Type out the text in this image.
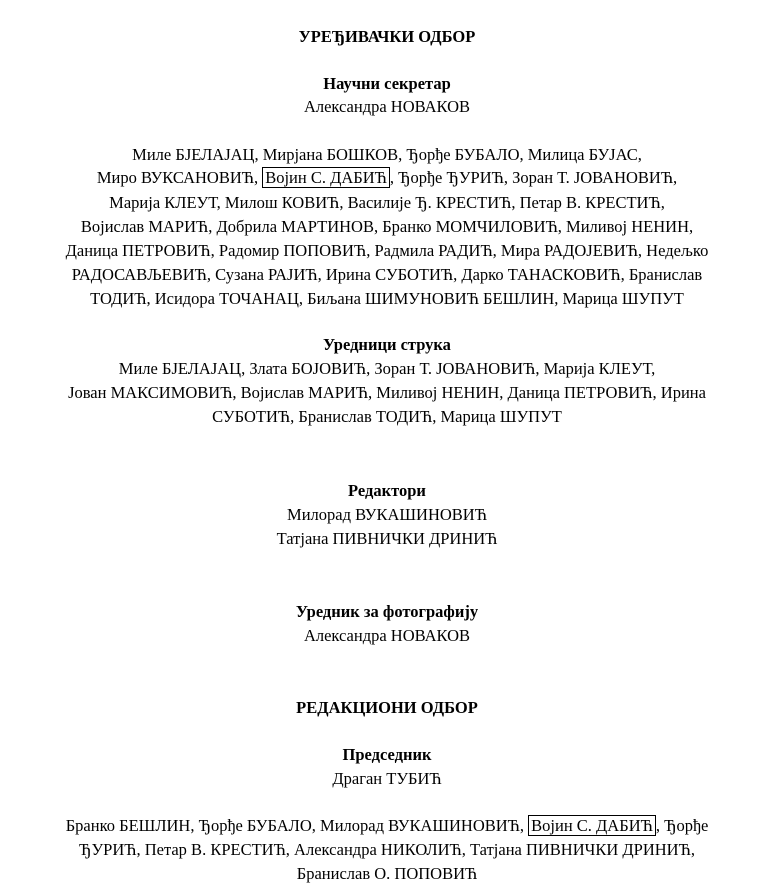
УРЕЂИВАЧКИ ОДБОР
Научни секретар
Александра НОВАКОВ
Миле БЈЕЛАЈАЦ, Мирјана БОШКОВ, Ђорђе БУБАЛО, Милица БУЈАС,
Миро ВУКСАНОВИЋ, Војин С. ДАБИЋ , Ђорђе ЂУРИЋ, Зоран Т. ЈОВАНОВИЋ,
Марија КЛЕУТ, Милош КОВИЋ, Василије Ђ. КРЕСТИЋ, Петар В. КРЕСТИЋ,
Војислав МАРИЋ, Добрила МАРТИНОВ, Бранко МОМЧИЛОВИЋ, Миливој НЕНИН,
Даница ПЕТРОВИЋ, Радомир ПОПОВИЋ, Радмила РАДИЋ, Мира РАДОЈЕВИЋ, Недељко
РАДОСАВЉЕВИЋ, Сузана РАЈИЋ, Ирина СУБОТИЋ, Дарко ТАНАСКОВИЋ, Бранислав
ТОДИЋ, Исидора ТОЧАНАЦ, Биљана ШИМУНОВИЋ БЕШЛИН, Марица ШУПУТ
Уредници струка
Миле БЈЕЛАЈАЦ, Злата БОЈОВИЋ, Зоран Т. ЈОВАНОВИЋ, Марија КЛЕУТ,
Јован МАКСИМОВИЋ, Војислав МАРИЋ, Миливој НЕНИН, Даница ПЕТРОВИЋ, Ирина
СУБОТИЋ, Бранислав ТОДИЋ, Марица ШУПУТ
Редактори
Милорад ВУКАШИНОВИЋ
Татјана ПИВНИЧКИ ДРИНИЋ
Уредник за фотографију
Александра НОВАКОВ
РЕДАКЦИОНИ ОДБОР
Председник
Драган ТУБИЋ
Бранко БЕШЛИН, Ђорђе БУБАЛО, Милорад ВУКАШИНОВИЋ, Војин С. ДАБИЋ , Ђорђе
ЂУРИЋ, Петар В. КРЕСТИЋ, Александра НИКОЛИЋ, Татјана ПИВНИЧКИ ДРИНИЋ,
Бранислав О. ПОПОВИЋ
